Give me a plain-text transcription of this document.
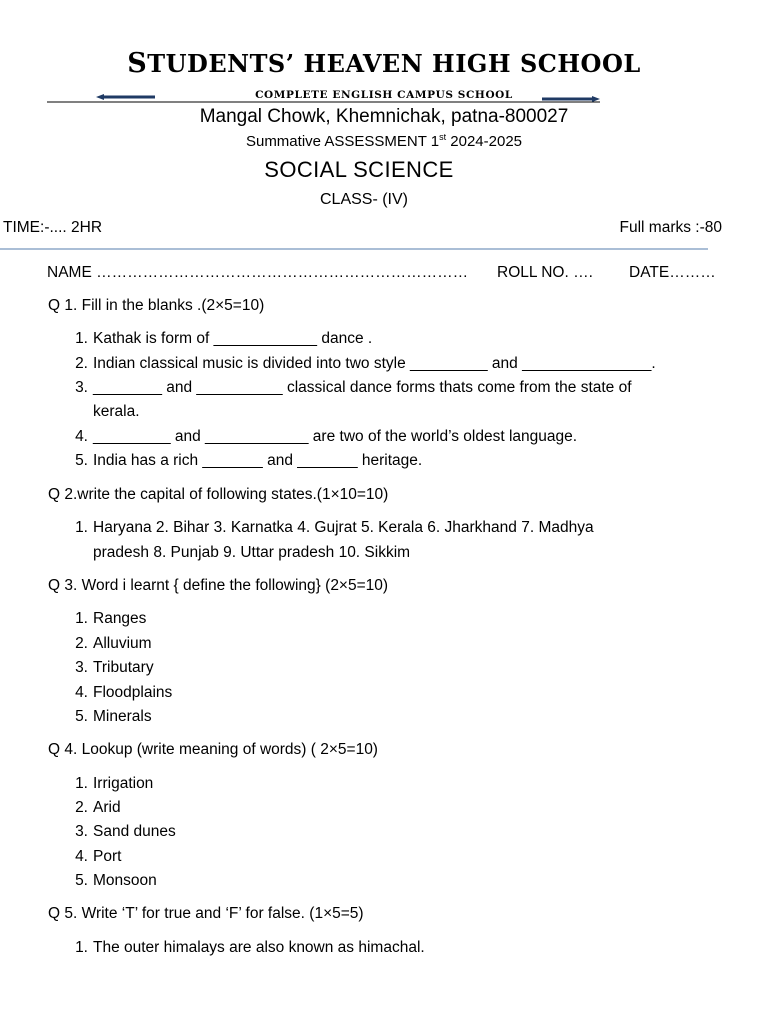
STUDENTS’ HEAVEN HIGH SCHOOL
COMPLETE ENGLISH CAMPUS SCHOOL
Mangal Chowk, Khemnichak, patna-800027
Summative ASSESSMENT 1st 2024-2025
SOCIAL SCIENCE
CLASS- (IV)
TIME:-.... 2HR	Full marks :-80
NAME ……………………………………………………………… ROLL NO. …. DATE………
Q 1. Fill in the blanks .(2×5=10)
1. Kathak is form of ____________ dance .
2. Indian classical music is divided into two style _________ and _______________.
3. ________ and __________ classical dance forms thats come from the state of
kerala.
4. _________ and ____________ are two of the world’s oldest language.
5. India has a rich _______ and _______ heritage.
Q 2.write the capital of following states.(1×10=10)
1. Haryana 2. Bihar 3. Karnatka 4. Gujrat 5. Kerala 6. Jharkhand 7. Madhya
pradesh 8. Punjab 9. Uttar pradesh 10. Sikkim
Q 3. Word i learnt { define the following} (2×5=10)
1. Ranges
2. Alluvium
3. Tributary
4. Floodplains
5. Minerals
Q 4. Lookup (write meaning of words) ( 2×5=10)
1. Irrigation
2. Arid
3. Sand dunes
4. Port
5. Monsoon
Q 5. Write ‘T’ for true and ‘F’ for false. (1×5=5)
1. The outer himalays are also known as himachal.
